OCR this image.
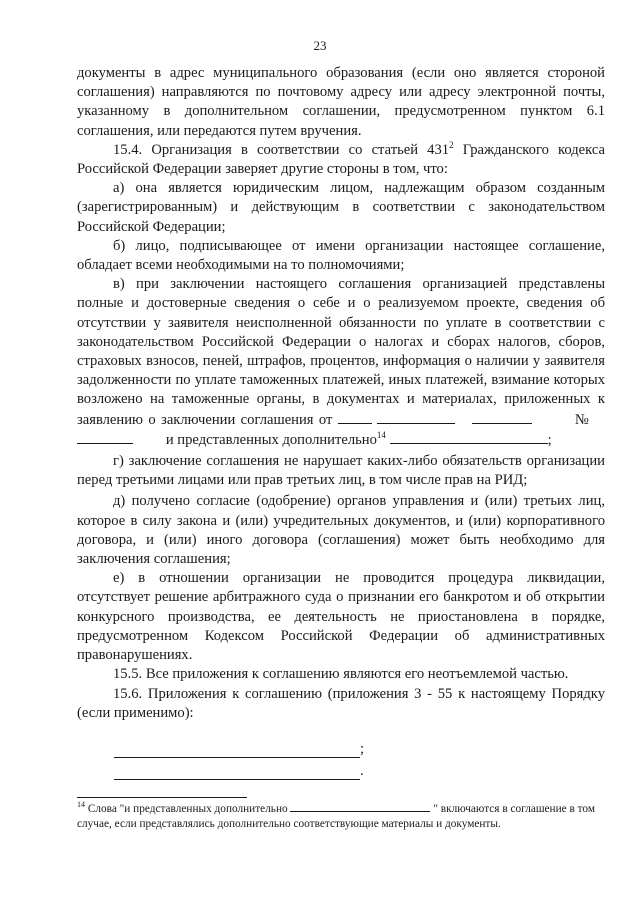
23

документы в адрес муниципального образования (если оно является стороной соглашения) направляются по почтовому адресу или адресу электронной почты, указанному в дополнительном соглашении, предусмотренном пунктом 6.1 соглашения, или передаются путем вручения.

15.4. Организация в соответствии со статьей $431^2$ Гражданского кодекса Российской Федерации заверяет другие стороны в том, что:

а) она является юридическим лицом, надлежащим образом созданным (зарегистрированным) и действующим в соответствии с законодательством Российской Федерации;

б) лицо, подписывающее от имени организации настоящее соглашение, обладает всеми необходимыми на то полномочиями;

в) при заключении настоящего соглашения организацией представлены полные и достоверные сведения о себе и о реализуемом проекте, сведения об отсутствии у заявителя неисполненной обязанности по уплате в соответствии с законодательством Российской Федерации о налогах и сборах налогов, сборов, страховых взносов, пеней, штрафов, процентов, информация о наличии у заявителя задолженности по уплате таможенных платежей, иных платежей, взимание которых возложено на таможенные органы, в документах и материалах, приложенных к заявлению о заключении соглашения от	№             и представленных дополнительно$^{14}$	;

г) заключение соглашения не нарушает каких-либо обязательств организации перед третьими лицами или прав третьих лиц, в том числе прав на РИД;

д) получено согласие (одобрение) органов управления и (или) третьих лиц, которое в силу закона и (или) учредительных документов, и (или) корпоративного договора, и (или) иного договора (соглашения) может быть необходимо для заключения соглашения;

е) в отношении организации не проводится процедура ликвидации, отсутствует решение арбитражного суда о признании его банкротом и об открытии конкурсного производства, ее деятельность не приостановлена в порядке, предусмотренном Кодексом Российской Федерации об административных правонарушениях.

15.5. Все приложения к соглашению являются его неотъемлемой частью.

15.6. Приложения к соглашению (приложения 3 - 55 к настоящему Порядку (если применимо):

;
.
$^{14}$ Слова "и представленных дополнительно	" включаются в соглашение в том случае, если представлялись дополнительно соответствующие материалы и документы.
